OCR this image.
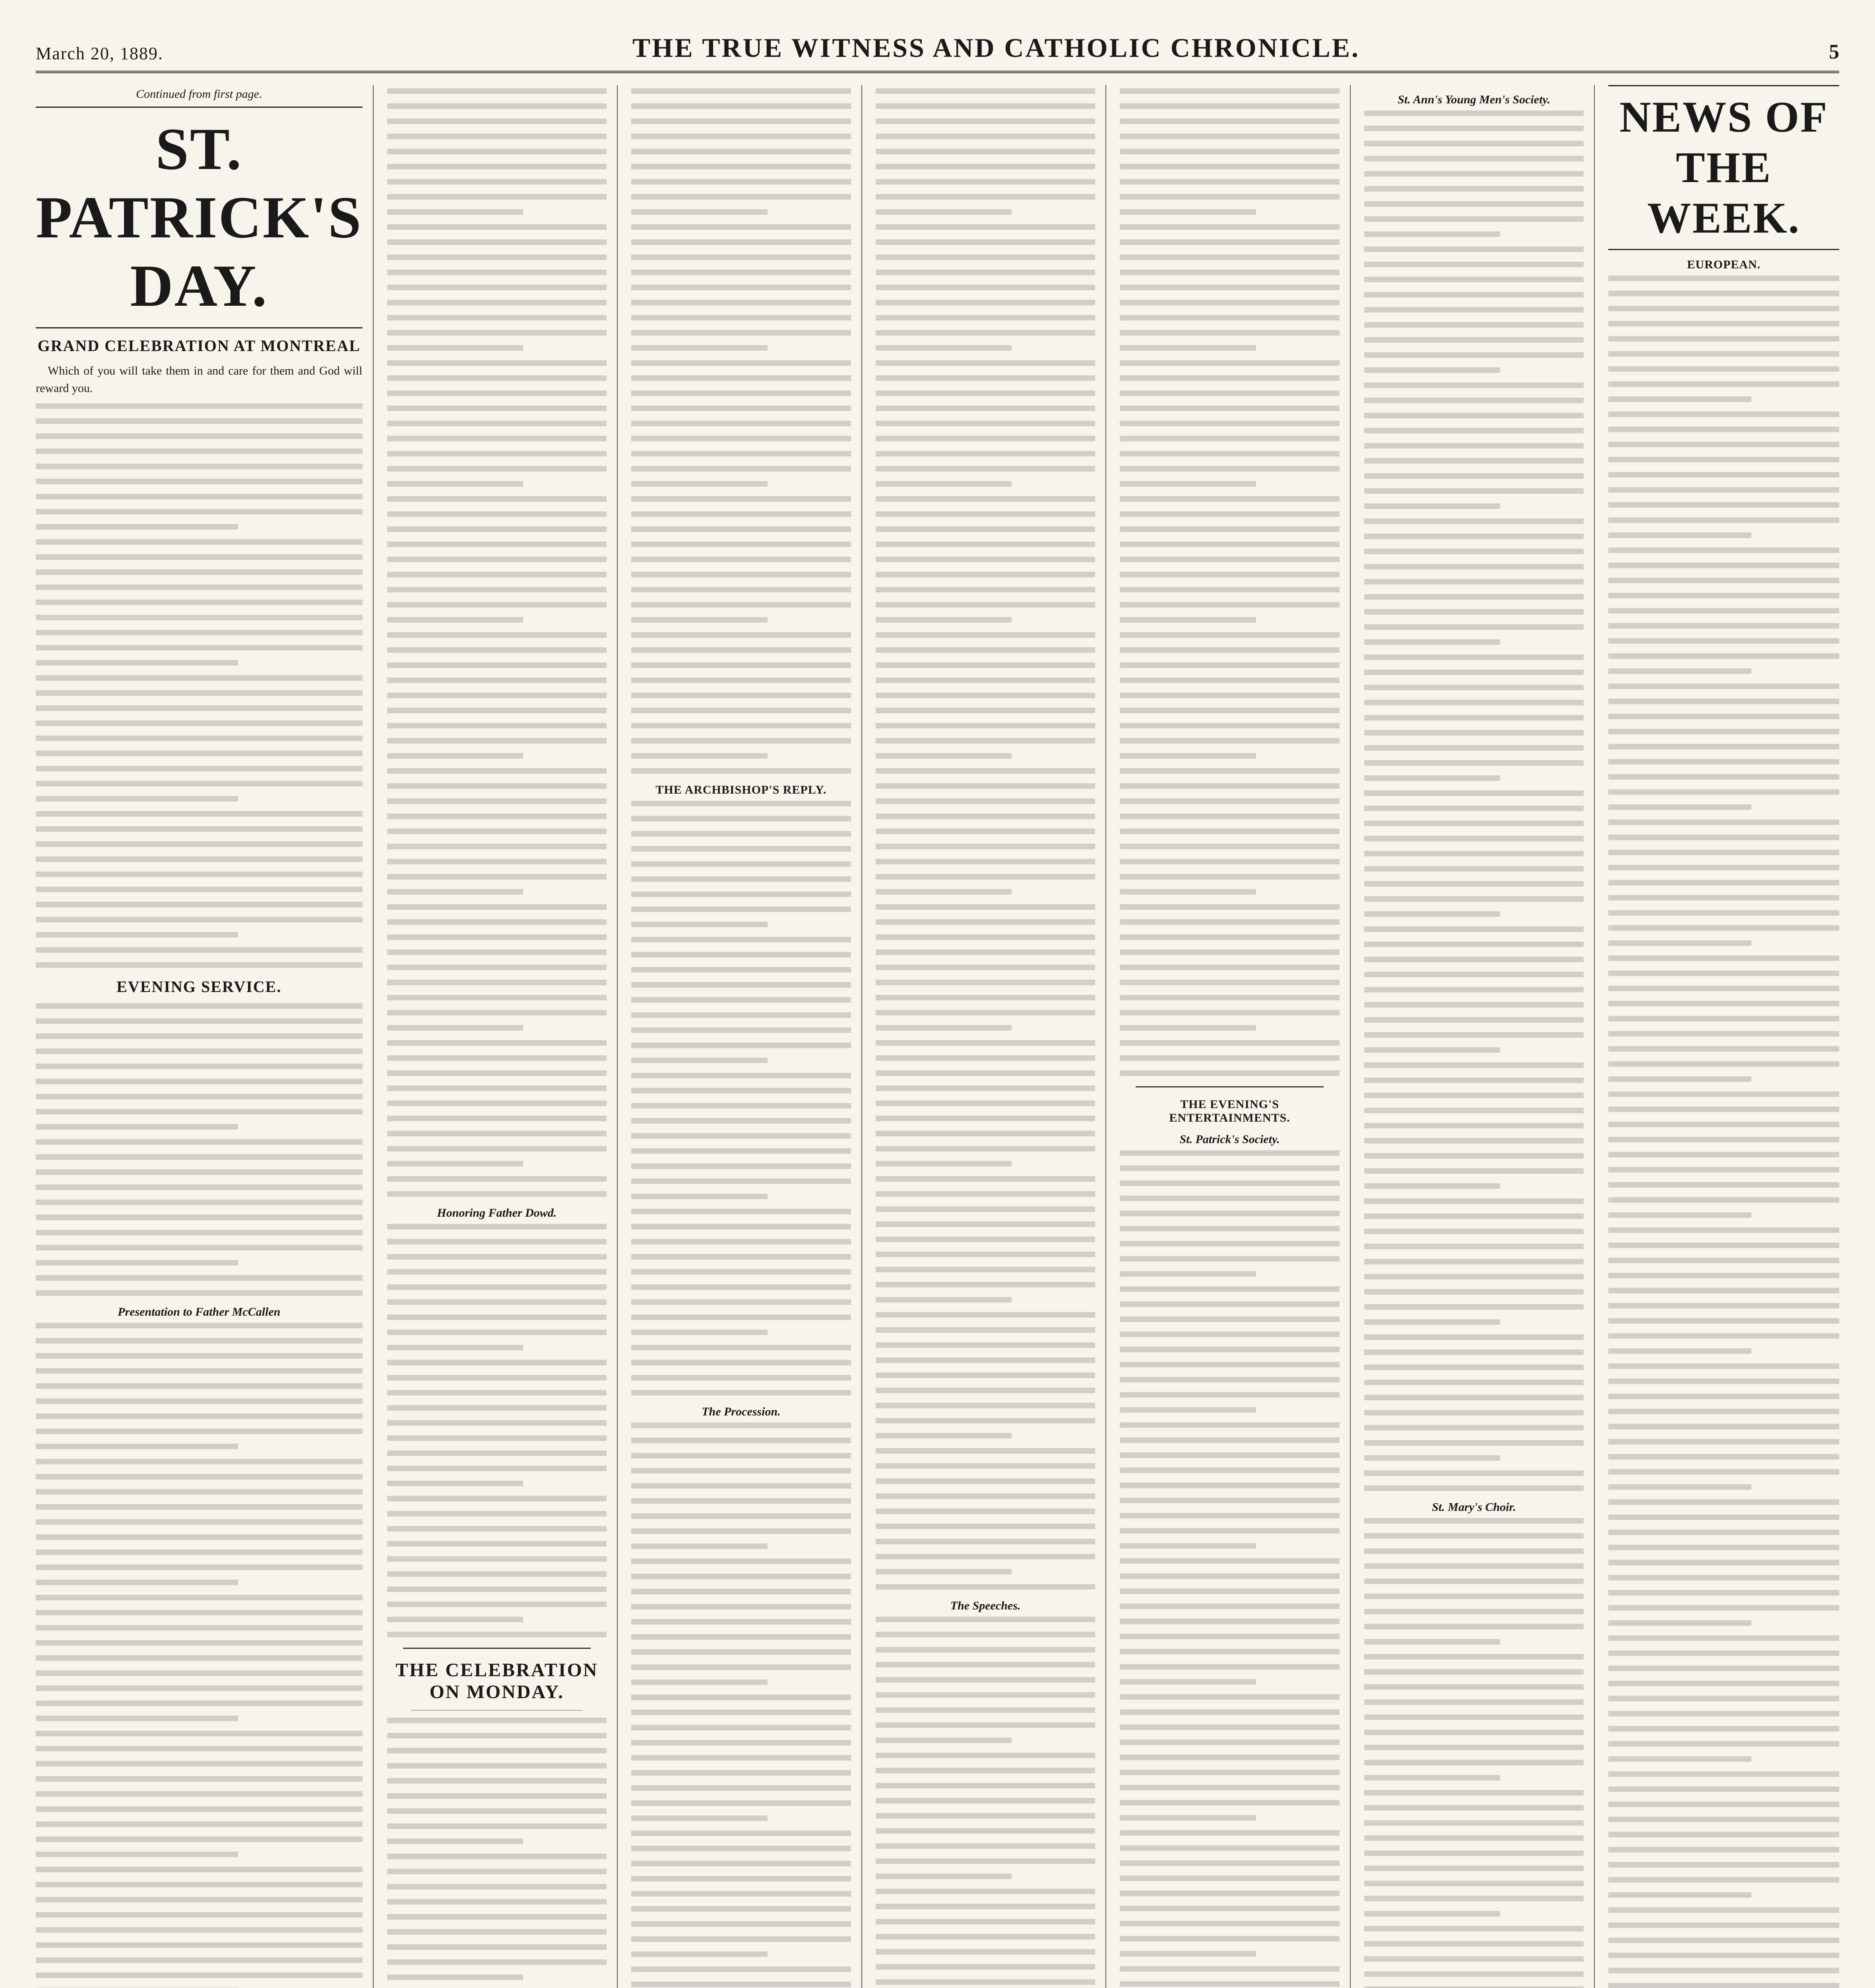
March 20, 1889.	THE TRUE WITNESS AND CATHOLIC CHRONICLE.	5
Continued from first page.
ST. PATRICK'S DAY.
GRAND CELEBRATION AT MONTREAL

Which of you will take them in and care for them and God will reward you.

EVENING SERVICE.
Presentation to Father McCallen
Honoring Father Dowd.
THE CELEBRATION ON MONDAY.
THE ARCHBISHOP'S REPLY.
The Procession.
The Speeches.
THE EVENING'S ENTERTAINMENTS.
St. Patrick's Society.
St. Ann's Young Men's Society.
St. Mary's Choir.
NEWS OF THE WEEK.
EUROPEAN.
